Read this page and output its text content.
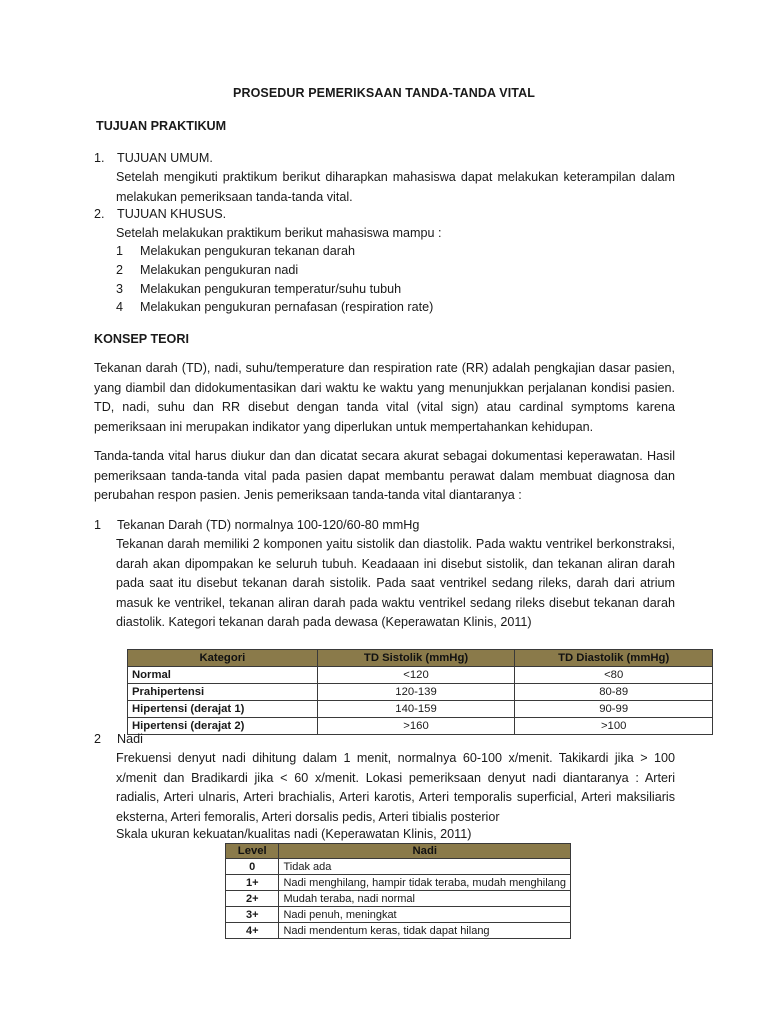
PROSEDUR PEMERIKSAAN TANDA-TANDA VITAL
TUJUAN PRAKTIKUM
1. TUJUAN UMUM.
Setelah mengikuti praktikum berikut diharapkan mahasiswa dapat melakukan keterampilan dalam melakukan pemeriksaan tanda-tanda vital.
2. TUJUAN KHUSUS.
Setelah melakukan praktikum berikut mahasiswa mampu :
1 Melakukan pengukuran tekanan darah
2 Melakukan pengukuran nadi
3 Melakukan pengukuran temperatur/suhu tubuh
4 Melakukan pengukuran pernafasan (respiration rate)
KONSEP TEORI
Tekanan darah (TD), nadi, suhu/temperature dan respiration rate (RR) adalah pengkajian dasar pasien, yang diambil dan didokumentasikan dari waktu ke waktu yang menunjukkan perjalanan kondisi pasien. TD, nadi, suhu dan RR disebut dengan tanda vital (vital sign) atau cardinal symptoms karena pemeriksaan ini merupakan indikator yang diperlukan untuk mempertahankan kehidupan.
Tanda-tanda vital harus diukur dan dan dicatat secara akurat sebagai dokumentasi keperawatan. Hasil pemeriksaan tanda-tanda vital pada pasien dapat membantu perawat dalam membuat diagnosa dan perubahan respon pasien. Jenis pemeriksaan tanda-tanda vital diantaranya :
1 Tekanan Darah (TD) normalnya 100-120/60-80 mmHg
Tekanan darah memiliki 2 komponen yaitu sistolik dan diastolik. Pada waktu ventrikel berkonstraksi, darah akan dipompakan ke seluruh tubuh. Keadaaan ini disebut sistolik, dan tekanan aliran darah pada saat itu disebut tekanan darah sistolik. Pada saat ventrikel sedang rileks, darah dari atrium masuk ke ventrikel, tekanan aliran darah pada waktu ventrikel sedang rileks disebut tekanan darah diastolik. Kategori tekanan darah pada dewasa (Keperawatan Klinis, 2011)
Kategori	TD Sistolik (mmHg)	TD Diastolik (mmHg)
Normal	<120	<80
Prahipertensi	120-139	80-89
Hipertensi (derajat 1)	140-159	90-99
Hipertensi (derajat 2)	>160	>100
2 Nadi
Frekuensi denyut nadi dihitung dalam 1 menit, normalnya 60-100 x/menit. Takikardi jika > 100 x/menit dan Bradikardi jika < 60 x/menit. Lokasi pemeriksaan denyut nadi diantaranya : Arteri radialis, Arteri ulnaris, Arteri brachialis, Arteri karotis, Arteri temporalis superficial, Arteri maksiliaris eksterna, Arteri femoralis, Arteri dorsalis pedis, Arteri tibialis posterior
Skala ukuran kekuatan/kualitas nadi (Keperawatan Klinis, 2011)
Level	Nadi
0	Tidak ada
1+	Nadi menghilang, hampir tidak teraba, mudah menghilang
2+	Mudah teraba, nadi normal
3+	Nadi penuh, meningkat
4+	Nadi mendentum keras, tidak dapat hilang
